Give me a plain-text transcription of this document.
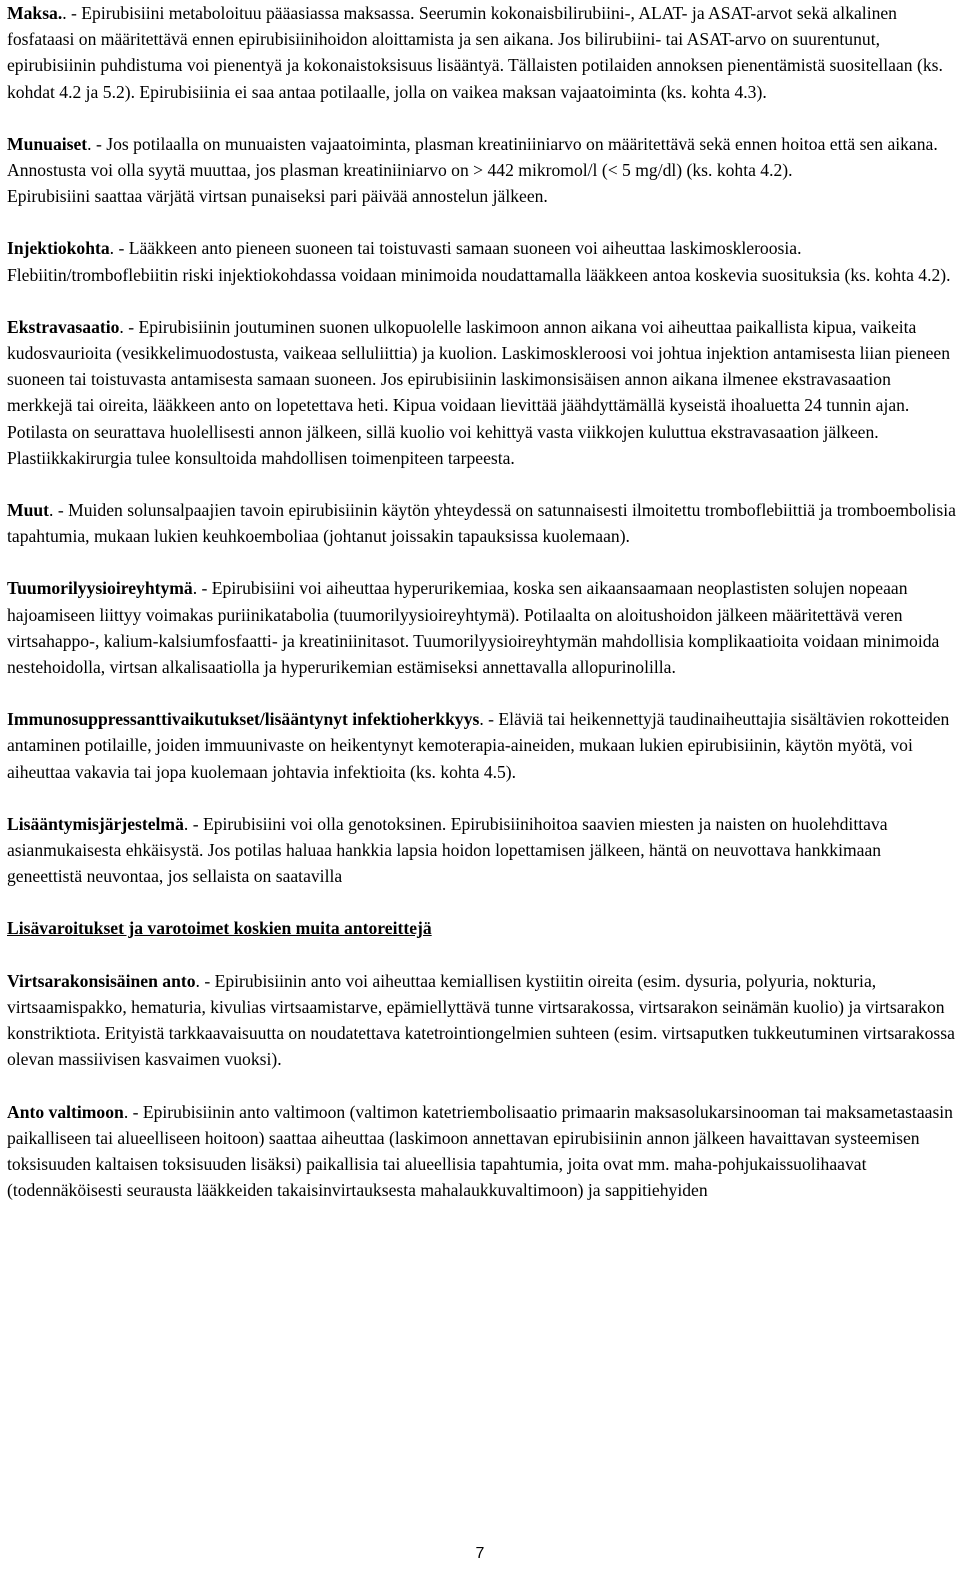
Maksa.. - Epirubisiini metaboloituu pääasiassa maksassa. Seerumin kokonaisbilirubiini-, ALAT- ja ASAT-arvot sekä alkalinen fosfataasi on määritettävä ennen epirubisiinihoidon aloittamista ja sen aikana. Jos bilirubiini- tai ASAT-arvo on suurentunut, epirubisiinin puhdistuma voi pienentyä ja kokonaistoksisuus lisääntyä. Tällaisten potilaiden annoksen pienentämistä suositellaan (ks. kohdat 4.2 ja 5.2). Epirubisiinia ei saa antaa potilaalle, jolla on vaikea maksan vajaatoiminta (ks. kohta 4.3).

Munuaiset. - Jos potilaalla on munuaisten vajaatoiminta, plasman kreatiniiniarvo on määritettävä sekä ennen hoitoa että sen aikana. Annostusta voi olla syytä muuttaa, jos plasman kreatiniiniarvo on > 442 mikromol/l (< 5 mg/dl) (ks. kohta 4.2).

Epirubisiini saattaa värjätä virtsan punaiseksi pari päivää annostelun jälkeen.

Injektiokohta. - Lääkkeen anto pieneen suoneen tai toistuvasti samaan suoneen voi aiheuttaa laskimoskleroosia. Flebiitin/tromboflebiitin riski injektiokohdassa voidaan minimoida noudattamalla lääkkeen antoa koskevia suosituksia (ks. kohta 4.2).

Ekstravasaatio. - Epirubisiinin joutuminen suonen ulkopuolelle laskimoon annon aikana voi aiheuttaa paikallista kipua, vaikeita kudosvaurioita (vesikkelimuodostusta, vaikeaa selluliittia) ja kuolion. Laskimoskleroosi voi johtua injektion antamisesta liian pieneen suoneen tai toistuvasta antamisesta samaan suoneen. Jos epirubisiinin laskimonsisäisen annon aikana ilmenee ekstravasaation merkkejä tai oireita, lääkkeen anto on lopetettava heti. Kipua voidaan lievittää jäähdyttämällä kyseistä ihoaluetta 24 tunnin ajan. Potilasta on seurattava huolellisesti annon jälkeen, sillä kuolio voi kehittyä vasta viikkojen kuluttua ekstravasaation jälkeen. Plastiikkakirurgia tulee konsultoida mahdollisen toimenpiteen tarpeesta.

Muut. - Muiden solunsalpaajien tavoin epirubisiinin käytön yhteydessä on satunnaisesti ilmoitettu tromboflebiittiä ja tromboembolisia tapahtumia, mukaan lukien keuhkoemboliaa (johtanut joissakin tapauksissa kuolemaan).

Tuumorilyysioireyhtymä. - Epirubisiini voi aiheuttaa hyperurikemiaa, koska sen aikaansaamaan neoplastisten solujen nopeaan hajoamiseen liittyy voimakas puriinikatabolia (tuumorilyysioireyhtymä). Potilaalta on aloitushoidon jälkeen määritettävä veren virtsahappo-, kalium-kalsiumfosfaatti- ja kreatiniinitasot. Tuumorilyysioireyhtymän mahdollisia komplikaatioita voidaan minimoida nestehoidolla, virtsan alkalisaatiolla ja hyperurikemian estämiseksi annettavalla allopurinolilla.

Immunosuppressanttivaikutukset/lisääntynyt infektioherkkyys. - Eläviä tai heikennettyjä taudinaiheuttajia sisältävien rokotteiden antaminen potilaille, joiden immuunivaste on heikentynyt kemoterapia-aineiden, mukaan lukien epirubisiinin, käytön myötä, voi aiheuttaa vakavia tai jopa kuolemaan johtavia infektioita (ks. kohta 4.5).

Lisääntymisjärjestelmä. - Epirubisiini voi olla genotoksinen. Epirubisiinihoitoa saavien miesten ja naisten on huolehdittava asianmukaisesta ehkäisystä. Jos potilas haluaa hankkia lapsia hoidon lopettamisen jälkeen, häntä on neuvottava hankkimaan geneettistä neuvontaa, jos sellaista on saatavilla

Lisävaroitukset ja varotoimet koskien muita antoreittejä

Virtsarakonsisäinen anto. - Epirubisiinin anto voi aiheuttaa kemiallisen kystiitin oireita (esim. dysuria, polyuria, nokturia, virtsaamispakko, hematuria, kivulias virtsaamistarve, epämiellyttävä tunne virtsarakossa, virtsarakon seinämän kuolio) ja virtsarakon konstriktiota. Erityistä tarkkaavaisuutta on noudatettava katetrointiongelmien suhteen (esim. virtsaputken tukkeutuminen virtsarakossa olevan massiivisen kasvaimen vuoksi).

Anto valtimoon. - Epirubisiinin anto valtimoon (valtimon katetriembolisaatio primaarin maksasolukarsinooman tai maksametastaasin paikalliseen tai alueelliseen hoitoon) saattaa aiheuttaa (laskimoon annettavan epirubisiinin annon jälkeen havaittavan systeemisen toksisuuden kaltaisen toksisuuden lisäksi) paikallisia tai alueellisia tapahtumia, joita ovat mm. maha-pohjukaissuolihaavat (todennäköisesti seurausta lääkkeiden takaisinvirtauksesta mahalaukkuvaltimoon) ja sappitiehyiden

7
